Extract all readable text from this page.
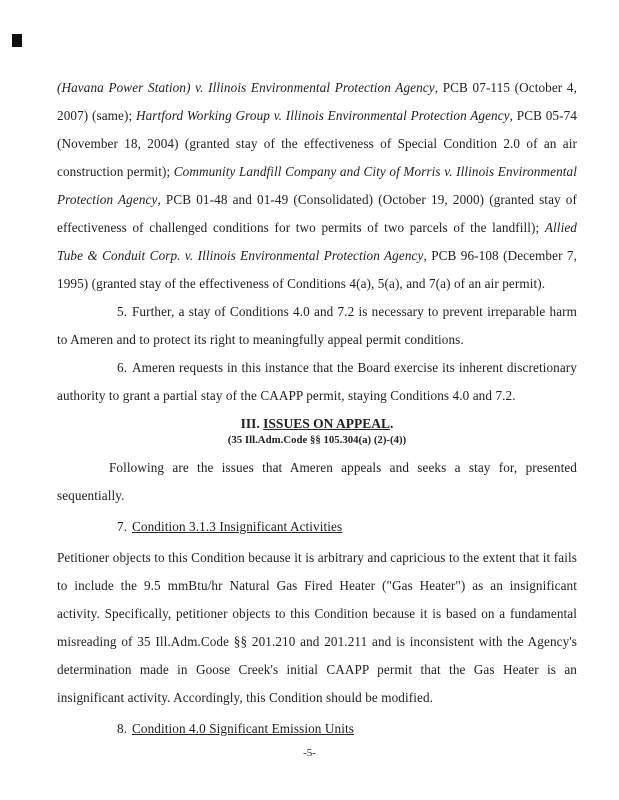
(Havana Power Station) v. Illinois Environmental Protection Agency, PCB 07-115 (October 4, 2007) (same); Hartford Working Group v. Illinois Environmental Protection Agency, PCB 05-74 (November 18, 2004) (granted stay of the effectiveness of Special Condition 2.0 of an air construction permit); Community Landfill Company and City of Morris v. Illinois Environmental Protection Agency, PCB 01-48 and 01-49 (Consolidated) (October 19, 2000) (granted stay of effectiveness of challenged conditions for two permits of two parcels of the landfill); Allied Tube & Conduit Corp. v. Illinois Environmental Protection Agency, PCB 96-108 (December 7, 1995) (granted stay of the effectiveness of Conditions 4(a), 5(a), and 7(a) of an air permit).

5. Further, a stay of Conditions 4.0 and 7.2 is necessary to prevent irreparable harm to Ameren and to protect its right to meaningfully appeal permit conditions.

6. Ameren requests in this instance that the Board exercise its inherent discretionary authority to grant a partial stay of the CAAPP permit, staying Conditions 4.0 and 7.2.

III. ISSUES ON APPEAL.
(35 Ill.Adm.Code §§ 105.304(a) (2)-(4))

Following are the issues that Ameren appeals and seeks a stay for, presented sequentially.

7. Condition 3.1.3 Insignificant Activities

Petitioner objects to this Condition because it is arbitrary and capricious to the extent that it fails to include the 9.5 mmBtu/hr Natural Gas Fired Heater ("Gas Heater") as an insignificant activity. Specifically, petitioner objects to this Condition because it is based on a fundamental misreading of 35 Ill.Adm.Code §§ 201.210 and 201.211 and is inconsistent with the Agency's determination made in Goose Creek's initial CAAPP permit that the Gas Heater is an insignificant activity. Accordingly, this Condition should be modified.

8. Condition 4.0 Significant Emission Units

-5-
